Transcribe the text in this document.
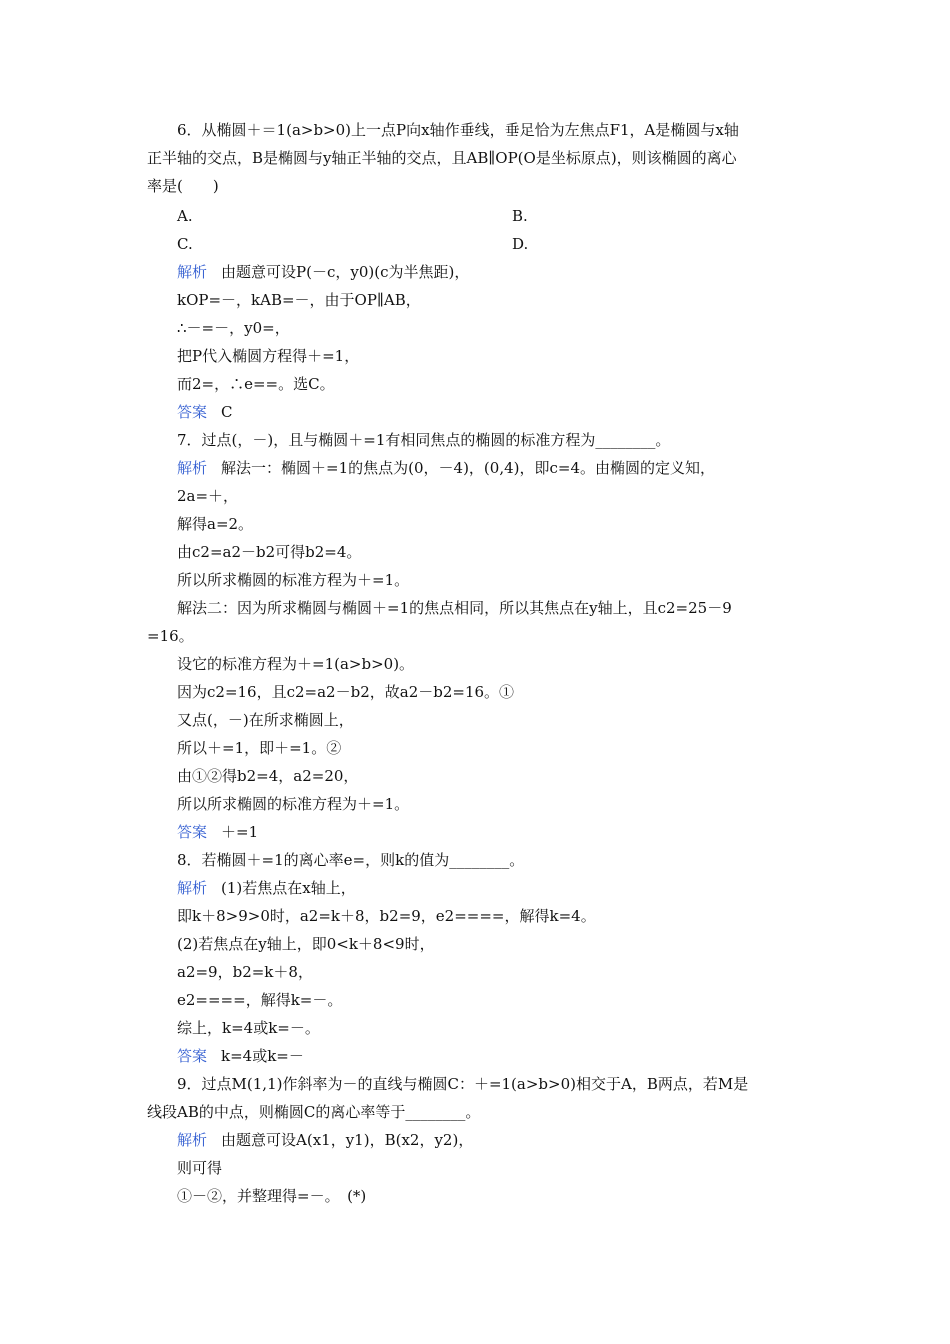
6．从椭圆＋＝1(a>b>0)上一点P向x轴作垂线，垂足恰为左焦点F1，A是椭圆与x轴
正半轴的交点，B是椭圆与y轴正半轴的交点，且AB∥OP(O是坐标原点)，则该椭圆的离心
率是(　　)
A.	B.
C.	D.
解析 由题意可设P(－c，y0)(c为半焦距)，
kOP=－，kAB=－，由于OP∥AB，
∴－=－，y0=，
把P代入椭圆方程得＋=1，
而2=，∴e==。选C。
答案 C
7．过点(，－)，且与椭圆＋=1有相同焦点的椭圆的标准方程为________。
解析 解法一：椭圆＋=1的焦点为(0，－4)，(0,4)，即c=4。由椭圆的定义知，
2a=＋，
解得a=2。
由c2=a2－b2可得b2=4。
所以所求椭圆的标准方程为＋=1。
解法二：因为所求椭圆与椭圆＋=1的焦点相同，所以其焦点在y轴上，且c2=25－9
=16。
设它的标准方程为＋=1(a>b>0)。
因为c2=16，且c2=a2－b2，故a2－b2=16。①
又点(，－)在所求椭圆上，
所以＋=1，即＋=1。②
由①②得b2=4，a2=20，
所以所求椭圆的标准方程为＋=1。
答案 ＋=1
8．若椭圆＋=1的离心率e=，则k的值为________。
解析 (1)若焦点在x轴上，
即k＋8>9>0时，a2=k＋8，b2=9，e2====，解得k=4。
(2)若焦点在y轴上，即0<k＋8<9时，
a2=9，b2=k＋8，
e2====，解得k=－。
综上，k=4或k=－。
答案 k=4或k=－
9．过点M(1,1)作斜率为－的直线与椭圆C：＋=1(a>b>0)相交于A，B两点，若M是
线段AB的中点，则椭圆C的离心率等于________。
解析 由题意可设A(x1，y1)，B(x2，y2)，
则可得
①－②，并整理得=－。　(*)
